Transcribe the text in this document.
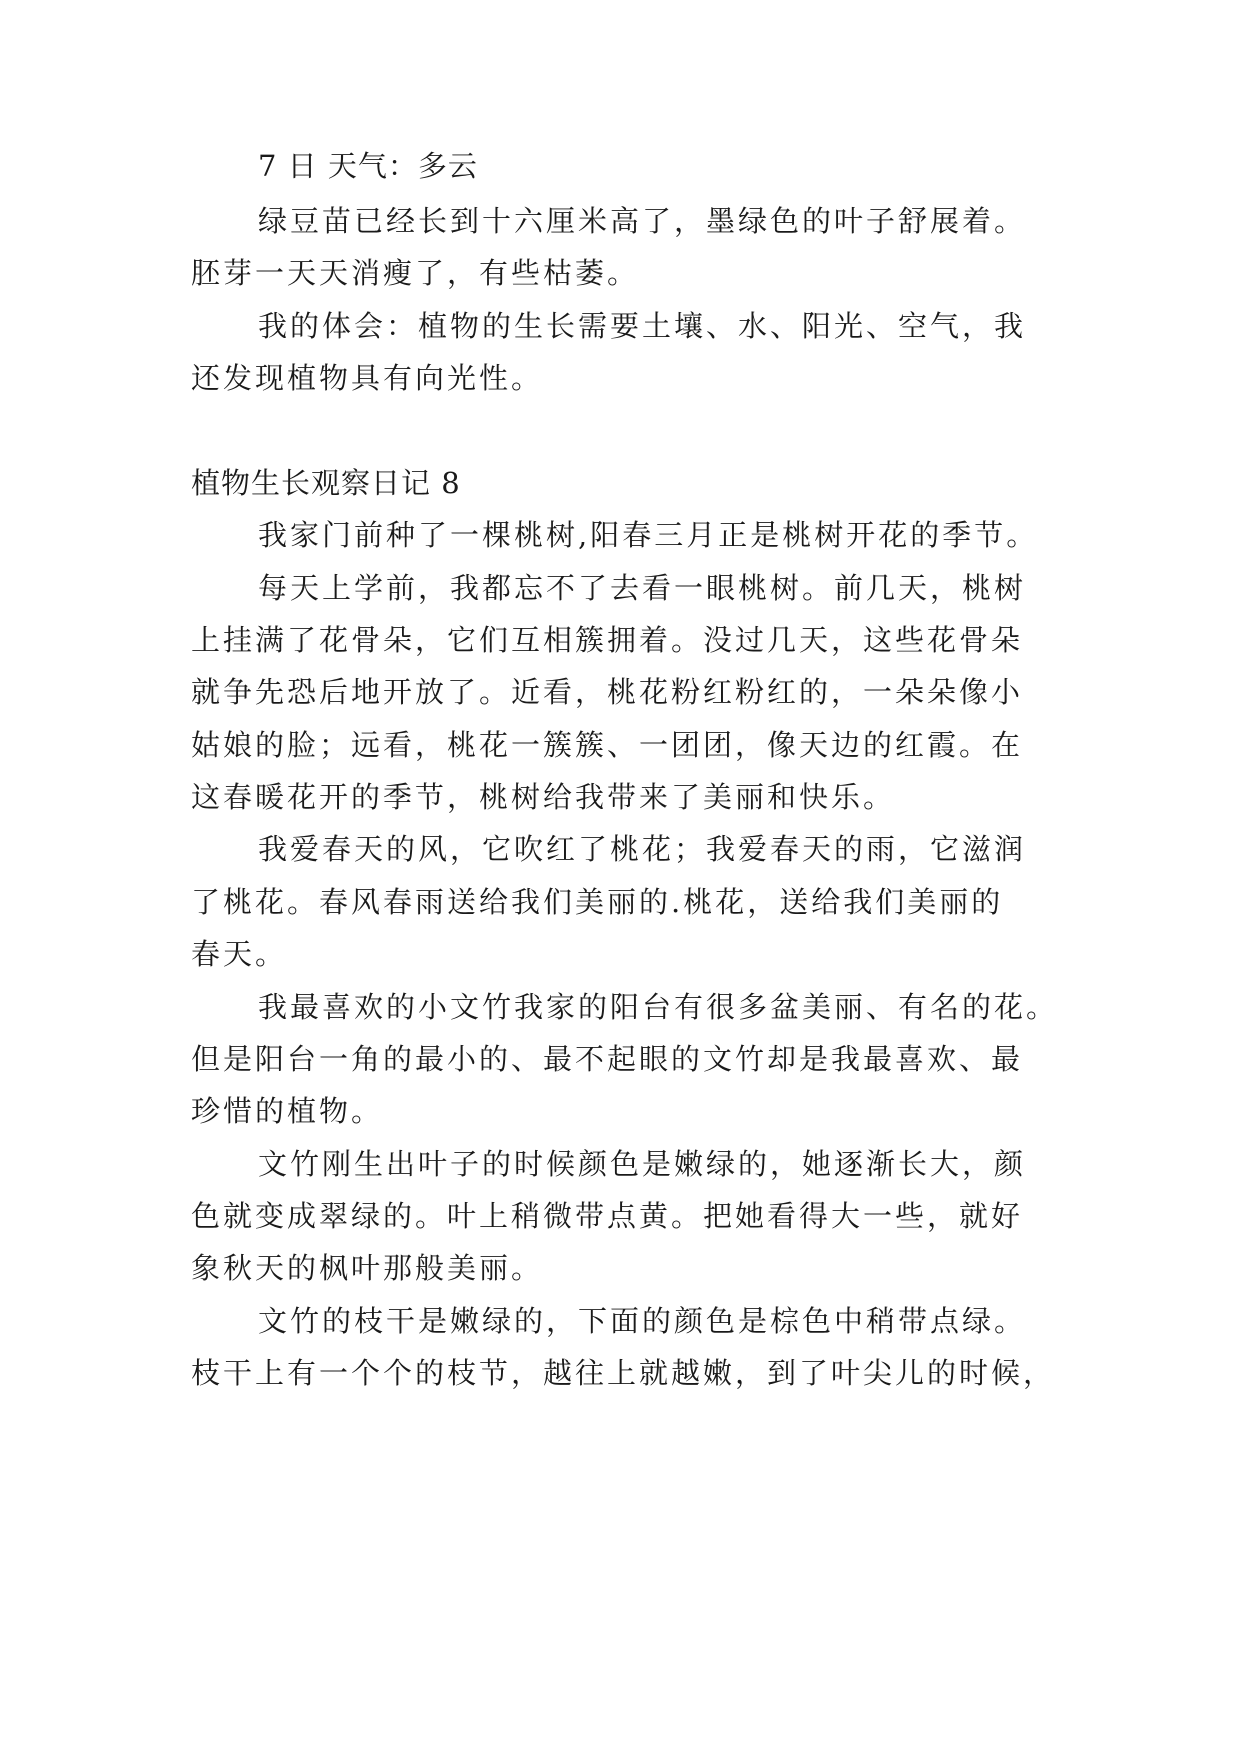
7 日 天气：多云
绿豆苗已经长到十六厘米高了，墨绿色的叶子舒展着。
胚芽一天天消瘦了，有些枯萎。
我的体会：植物的生长需要土壤、水、阳光、空气，我
还发现植物具有向光性。
植物生长观察日记 8
我家门前种了一棵桃树,阳春三月正是桃树开花的季节。
每天上学前，我都忘不了去看一眼桃树。前几天，桃树
上挂满了花骨朵，它们互相簇拥着。没过几天，这些花骨朵
就争先恐后地开放了。近看，桃花粉红粉红的，一朵朵像小
姑娘的脸；远看，桃花一簇簇、一团团，像天边的红霞。在
这春暖花开的季节，桃树给我带来了美丽和快乐。
我爱春天的风，它吹红了桃花；我爱春天的雨，它滋润
了桃花。春风春雨送给我们美丽的.桃花，送给我们美丽的
春天。
我最喜欢的小文竹我家的阳台有很多盆美丽、有名的花。
但是阳台一角的最小的、最不起眼的文竹却是我最喜欢、最
珍惜的植物。
文竹刚生出叶子的时候颜色是嫩绿的，她逐渐长大，颜
色就变成翠绿的。叶上稍微带点黄。把她看得大一些，就好
象秋天的枫叶那般美丽。
文竹的枝干是嫩绿的，下面的颜色是棕色中稍带点绿。
枝干上有一个个的枝节，越往上就越嫩，到了叶尖儿的时候，
